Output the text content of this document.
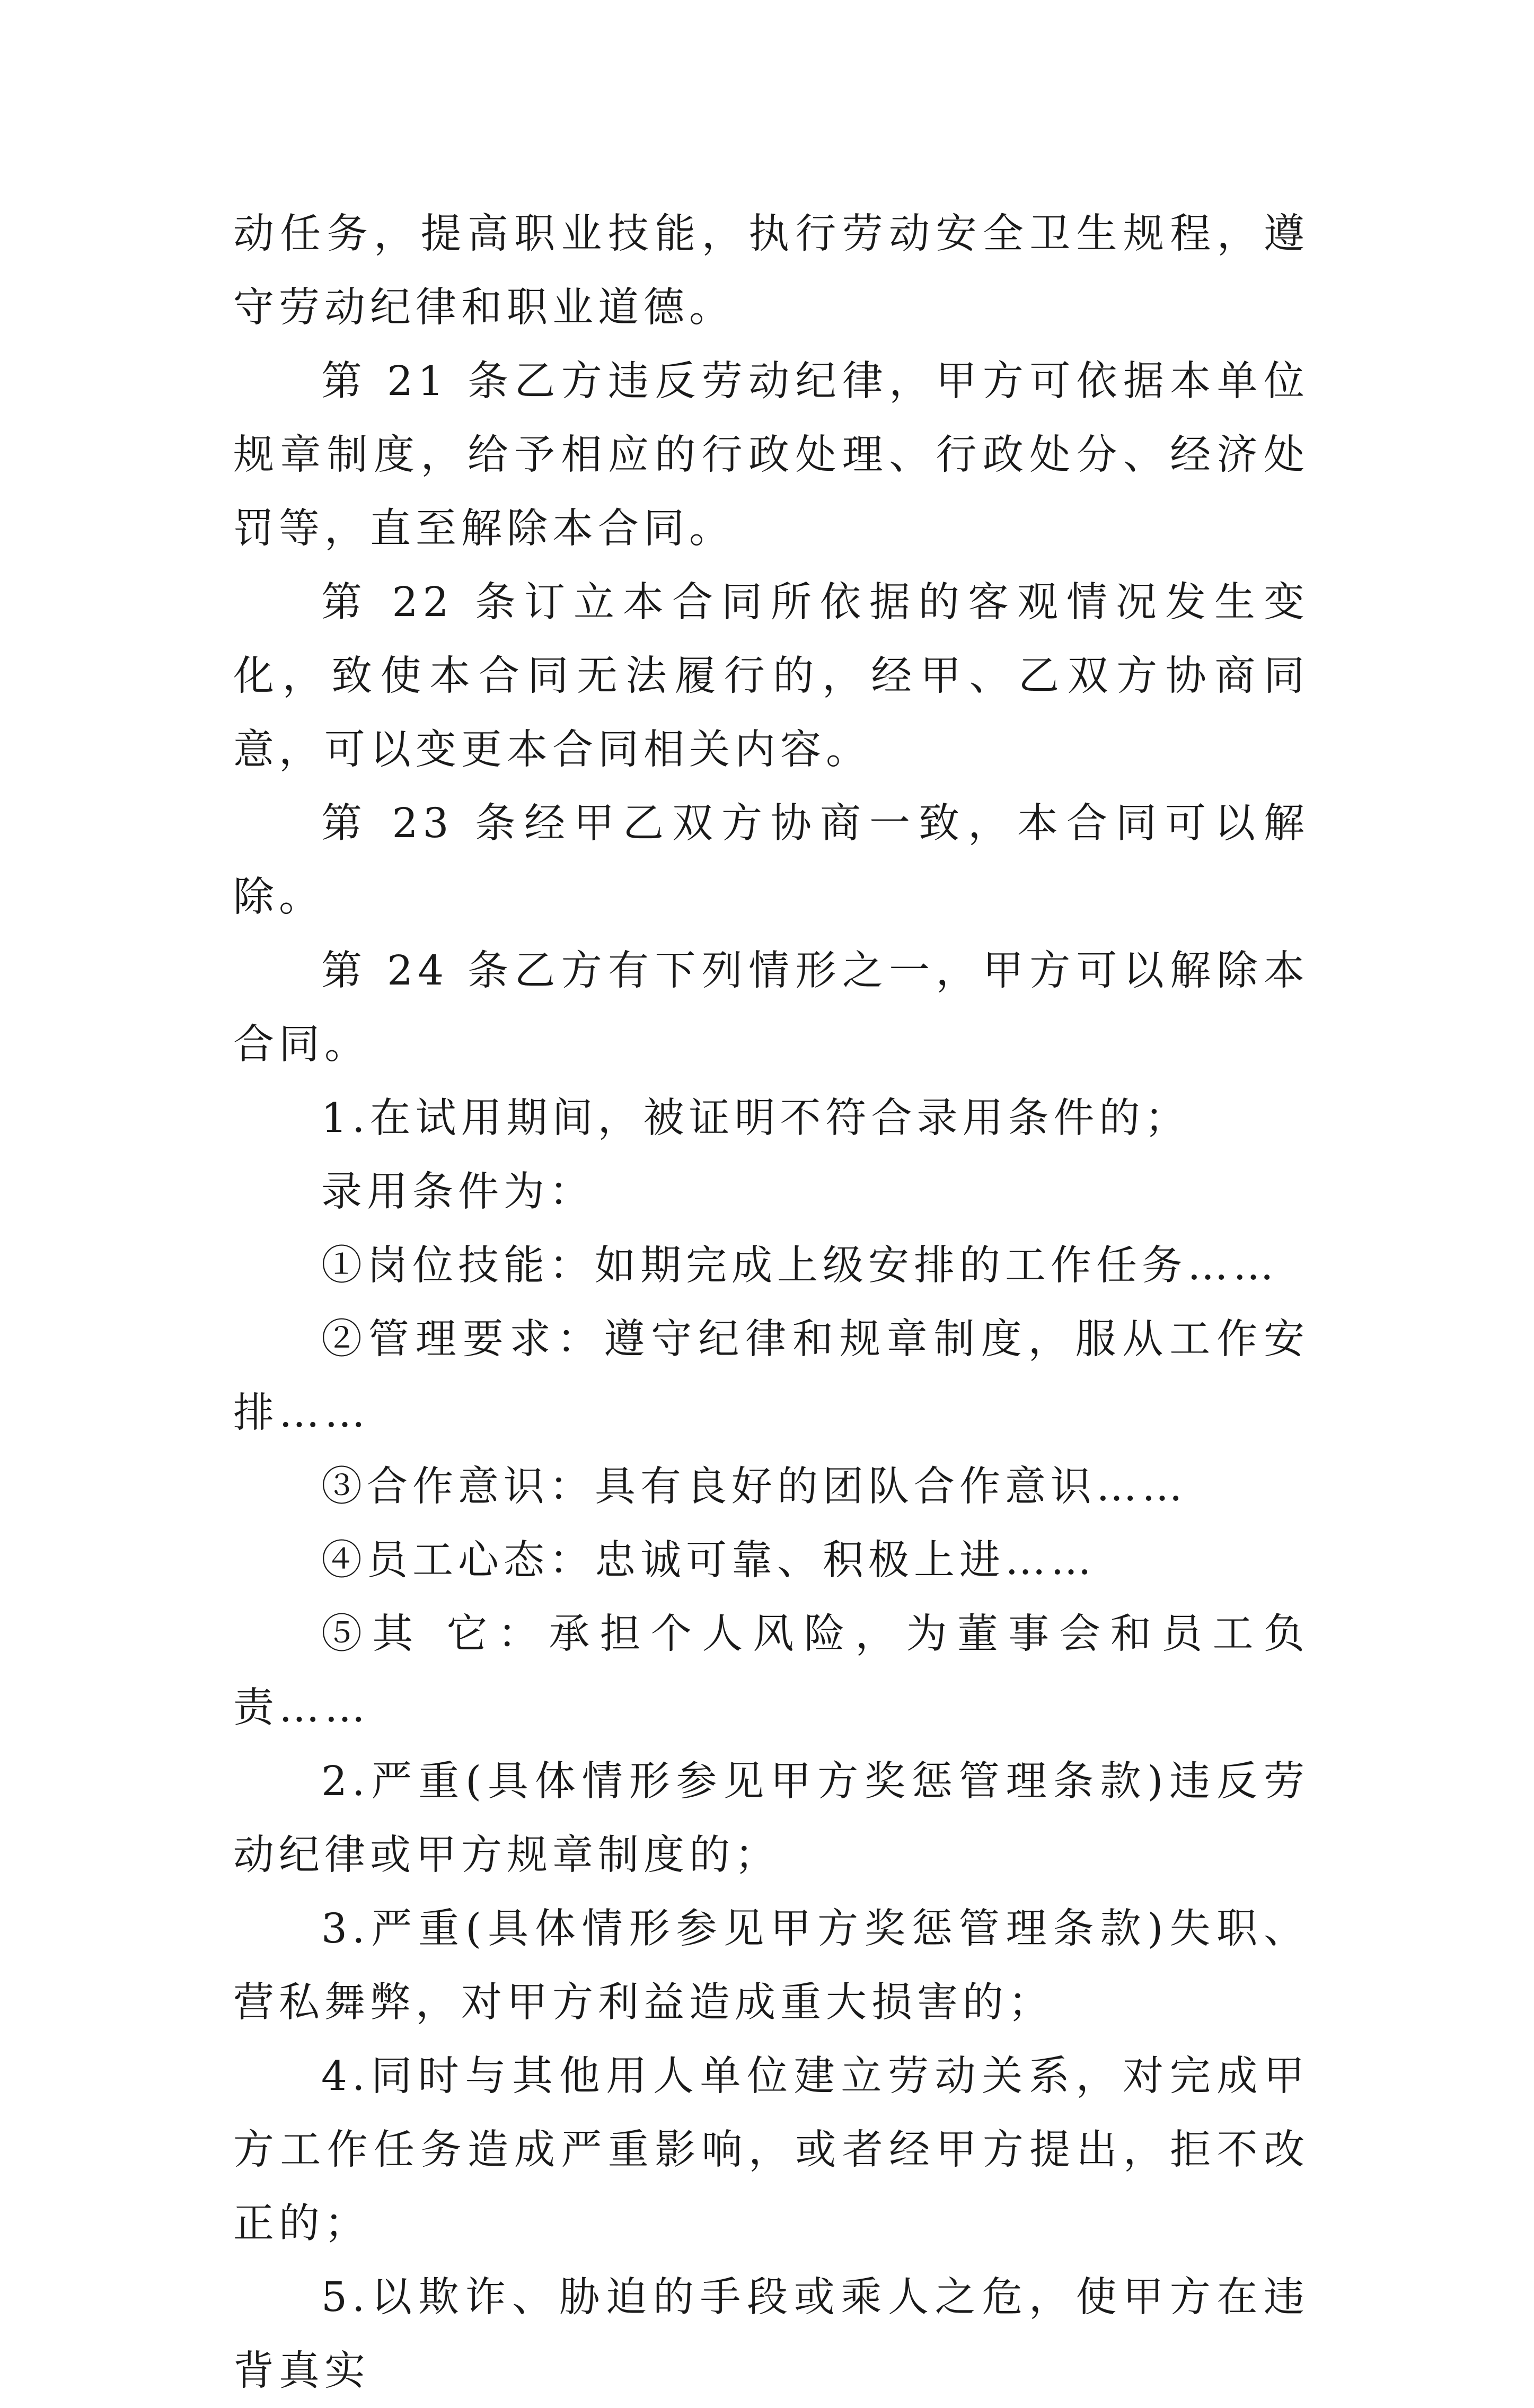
动任务，提高职业技能，执行劳动安全卫生规程，遵守劳动纪律和职业道德。

第 21 条乙方违反劳动纪律，甲方可依据本单位规章制度，给予相应的行政处理、行政处分、经济处罚等，直至解除本合同。

第 22 条订立本合同所依据的客观情况发生变化，致使本合同无法履行的，经甲、乙双方协商同意，可以变更本合同相关内容。

第 23 条经甲乙双方协商一致，本合同可以解除。

第 24 条乙方有下列情形之一，甲方可以解除本合同。

1.在试用期间，被证明不符合录用条件的；

录用条件为：

①岗位技能：如期完成上级安排的工作任务……

②管理要求：遵守纪律和规章制度，服从工作安排……

③合作意识：具有良好的团队合作意识……

④员工心态：忠诚可靠、积极上进……

⑤其 它：承担个人风险，为董事会和员工负责……

2.严重(具体情形参见甲方奖惩管理条款)违反劳动纪律或甲方规章制度的；

3.严重(具体情形参见甲方奖惩管理条款)失职、营私舞弊，对甲方利益造成重大损害的；

4.同时与其他用人单位建立劳动关系，对完成甲方工作任务造成严重影响，或者经甲方提出，拒不改正的；

5.以欺诈、胁迫的手段或乘人之危，使甲方在违背真实
